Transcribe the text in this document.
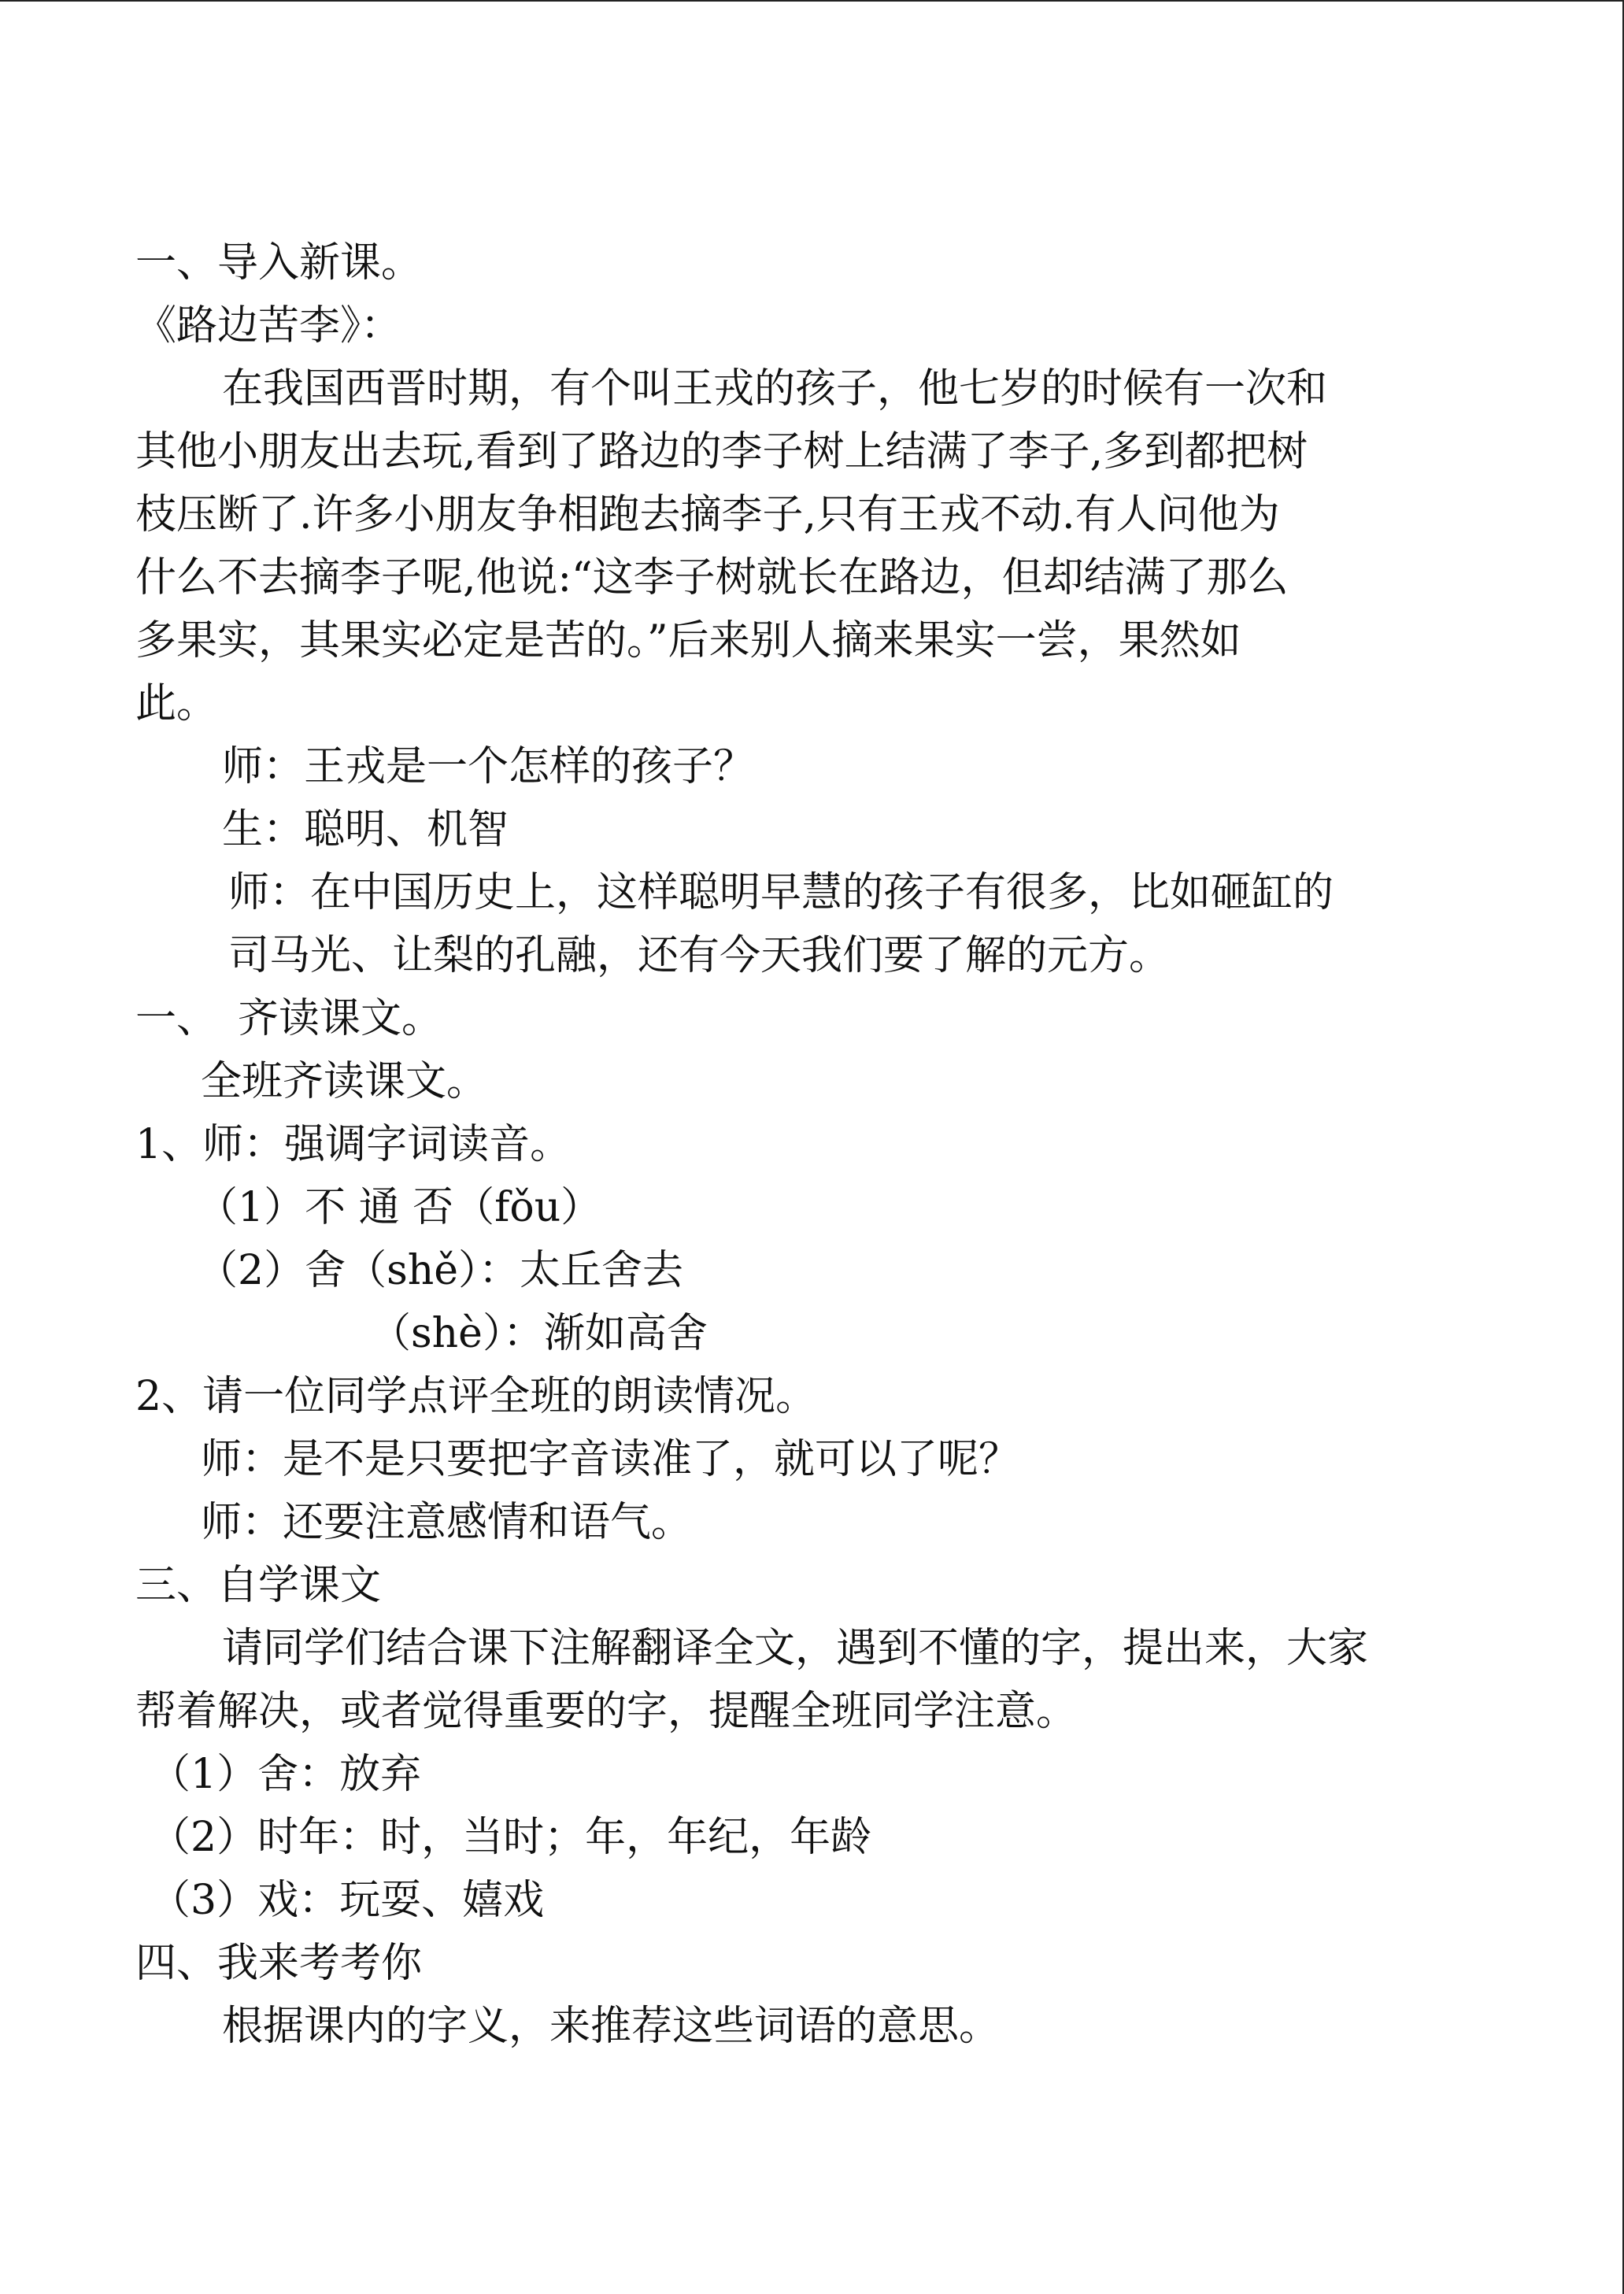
一、导入新课。
《路边苦李》：
在我国西晋时期，有个叫王戎的孩子，他七岁的时候有一次和
其他小朋友出去玩,看到了路边的李子树上结满了李子,多到都把树
枝压断了.许多小朋友争相跑去摘李子,只有王戎不动.有人问他为
什么不去摘李子呢,他说:“这李子树就长在路边，但却结满了那么
多果实，其果实必定是苦的。”后来别人摘来果实一尝，果然如
此。
师：王戎是一个怎样的孩子？
生：聪明、机智
师：在中国历史上，这样聪明早慧的孩子有很多，比如砸缸的
司马光、让梨的孔融，还有今天我们要了解的元方。
一、　齐读课文。
全班齐读课文。
1、师：强调字词读音。
（1）不 通 否（fǒu）
（2）舍（shě）：太丘舍去
（shè）：渐如高舍
2、请一位同学点评全班的朗读情况。
师：是不是只要把字音读准了，就可以了呢？
师：还要注意感情和语气。
三、自学课文
请同学们结合课下注解翻译全文，遇到不懂的字，提出来，大家
帮着解决，或者觉得重要的字，提醒全班同学注意。
（1）舍：放弃
（2）时年：时，当时；年，年纪，年龄
（3）戏：玩耍、嬉戏
四、我来考考你
根据课内的字义，来推荐这些词语的意思。
